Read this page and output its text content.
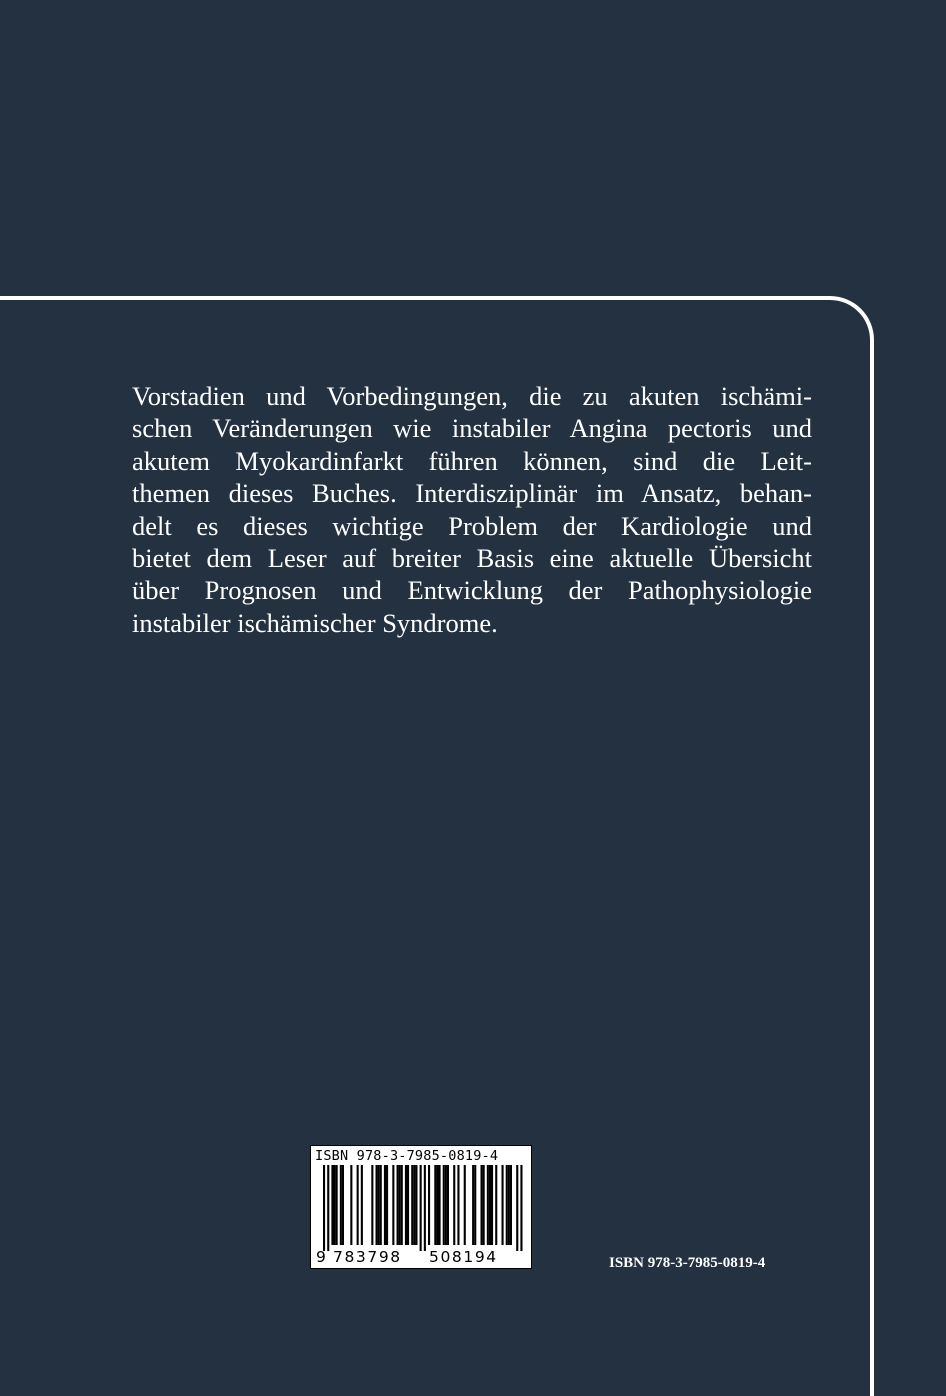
Vorstadien und Vorbedingungen, die zu akuten ischämi-
schen Veränderungen wie instabiler Angina pectoris und
akutem Myokardinfarkt führen können, sind die Leit-
themen dieses Buches. Interdisziplinär im Ansatz, behan-
delt es dieses wichtige Problem der Kardiologie und
bietet dem Leser auf breiter Basis eine aktuelle Übersicht
über Prognosen und Entwicklung der Pathophysiologie
instabiler ischämischer Syndrome.
ISBN 978-3-7985-0819-4
9 783798 508194	ISBN 978-3-7985-0819-4
